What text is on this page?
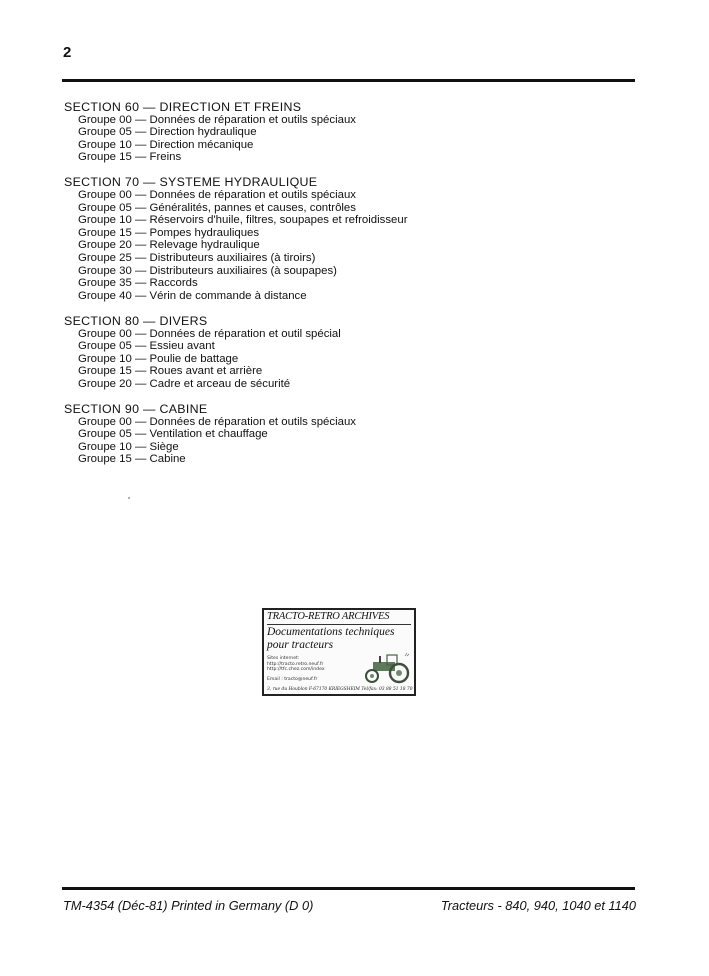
2
SECTION 60 — DIRECTION ET FREINS
Groupe 00 — Données de réparation et outils spéciaux
Groupe 05 — Direction hydraulique
Groupe 10 — Direction mécanique
Groupe 15 — Freins
SECTION 70 — SYSTEME HYDRAULIQUE
Groupe 00 — Données de réparation et outils spéciaux
Groupe 05 — Généralités, pannes et causes, contrôles
Groupe 10 — Réservoirs d'huile, filtres, soupapes et refroidisseur
Groupe 15 — Pompes hydrauliques
Groupe 20 — Relevage hydraulique
Groupe 25 — Distributeurs auxiliaires (à tiroirs)
Groupe 30 — Distributeurs auxiliaires (à soupapes)
Groupe 35 — Raccords
Groupe 40 — Vérin de commande à distance
SECTION 80 — DIVERS
Groupe 00 — Données de réparation et outil spécial
Groupe 05 — Essieu avant
Groupe 10 — Poulie de battage
Groupe 15 — Roues avant et arrière
Groupe 20 — Cadre et arceau de sécurité
SECTION 90 — CABINE
Groupe 00 — Données de réparation et outils spéciaux
Groupe 05 — Ventilation et chauffage
Groupe 10 — Siège
Groupe 15 — Cabine
TRACTO-RETRO ARCHIVES
Documentations techniques
pour tracteurs
Sites internet:
http://tracto.retro.neuf.fr
http://tfc.chez.com/index
Email : tracto@neuf.fr
3, rue du Houblon F-67170 KRIEGSHEIM Tel/fax: 03 88 51 18 70
TM-4354 (Déc-81) Printed in Germany (D 0)	Tracteurs - 840, 940, 1040 et 1140
